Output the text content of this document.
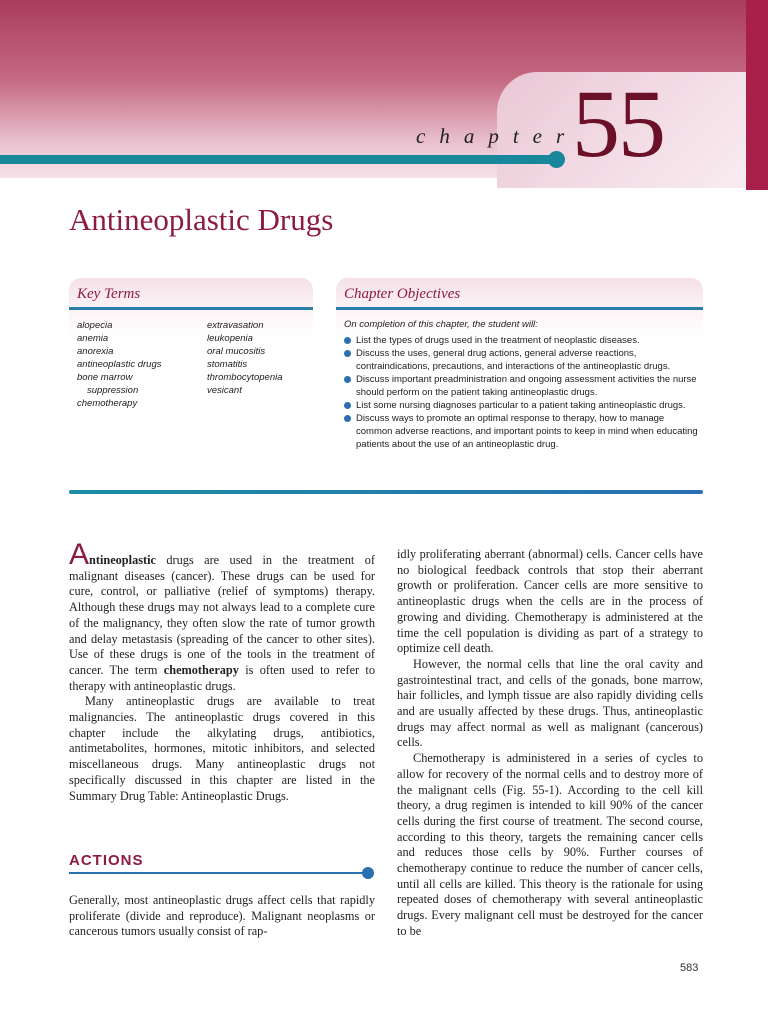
chapter
55
Antineoplastic Drugs
Key Terms
alopecia
anemia
anorexia
antineoplastic drugs
bone marrow
suppression
chemotherapy
extravasation
leukopenia
oral mucositis
stomatitis
thrombocytopenia
vesicant
Chapter Objectives
On completion of this chapter, the student will:
List the types of drugs used in the treatment of neoplastic diseases.
Discuss the uses, general drug actions, general adverse reactions, contraindications, precautions, and interactions of the antineoplastic drugs.
Discuss important preadministration and ongoing assessment activities the nurse should perform on the patient taking antineoplastic drugs.
List some nursing diagnoses particular to a patient taking antineoplastic drugs.
Discuss ways to promote an optimal response to therapy, how to manage common adverse reactions, and important points to keep in mind when educating patients about the use of an antineoplastic drug.

Antineoplastic drugs are used in the treatment of malignant diseases (cancer). These drugs can be used for cure, control, or palliative (relief of symptoms) therapy. Although these drugs may not always lead to a complete cure of the malignancy, they often slow the rate of tumor growth and delay metastasis (spreading of the cancer to other sites). Use of these drugs is one of the tools in the treatment of cancer. The term chemotherapy is often used to refer to therapy with antineoplastic drugs.

Many antineoplastic drugs are available to treat malignancies. The antineoplastic drugs covered in this chapter include the alkylating drugs, antibiotics, antimetabolites, hormones, mitotic inhibitors, and selected miscellaneous drugs. Many antineoplastic drugs not specifically discussed in this chapter are listed in the Summary Drug Table: Antineoplastic Drugs.

ACTIONS

Generally, most antineoplastic drugs affect cells that rapidly proliferate (divide and reproduce). Malignant neoplasms or cancerous tumors usually consist of rap-

idly proliferating aberrant (abnormal) cells. Cancer cells have no biological feedback controls that stop their aberrant growth or proliferation. Cancer cells are more sensitive to antineoplastic drugs when the cells are in the process of growing and dividing. Chemotherapy is administered at the time the cell population is dividing as part of a strategy to optimize cell death.

However, the normal cells that line the oral cavity and gastrointestinal tract, and cells of the gonads, bone marrow, hair follicles, and lymph tissue are also rapidly dividing cells and are usually affected by these drugs. Thus, antineoplastic drugs may affect normal as well as malignant (cancerous) cells.

Chemotherapy is administered in a series of cycles to allow for recovery of the normal cells and to destroy more of the malignant cells (Fig. 55-1). According to the cell kill theory, a drug regimen is intended to kill 90% of the cancer cells during the first course of treatment. The second course, according to this theory, targets the remaining cancer cells and reduces those cells by 90%. Further courses of chemotherapy continue to reduce the number of cancer cells, until all cells are killed. This theory is the rationale for using repeated doses of chemotherapy with several antineoplastic drugs. Every malignant cell must be destroyed for the cancer to be

583
